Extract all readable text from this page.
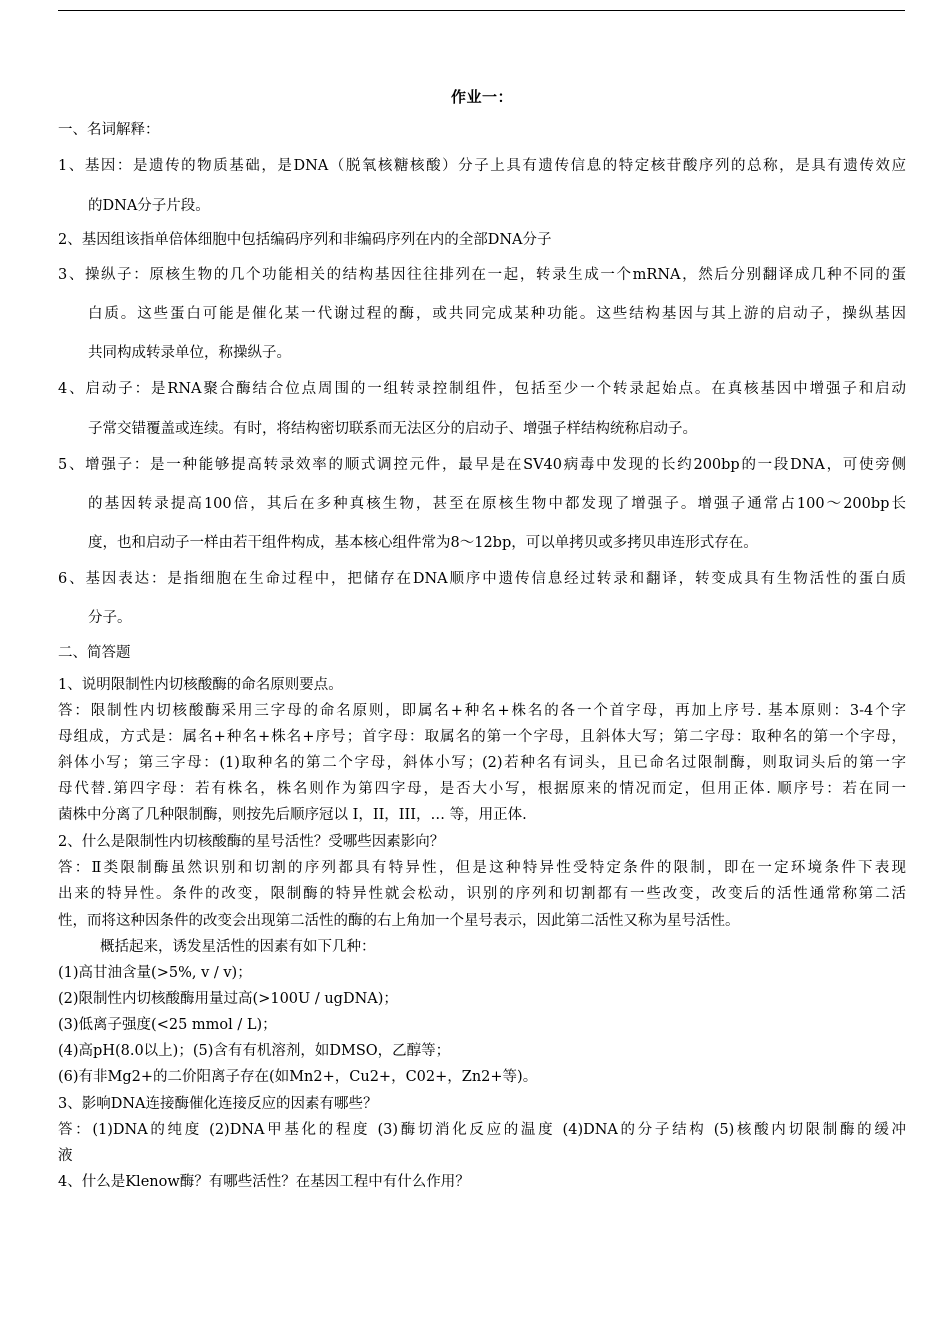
作业一：
一、名词解释：
1、基因：是遗传的物质基础，是DNA（脱氧核糖核酸）分子上具有遗传信息的特定核苷酸序列的总称，是具有遗传效应
的DNA分子片段。
2、基因组该指单倍体细胞中包括编码序列和非编码序列在内的全部DNA分子
3、操纵子：原核生物的几个功能相关的结构基因往往排列在一起，转录生成一个mRNA，然后分别翻译成几种不同的蛋
白质。这些蛋白可能是催化某一代谢过程的酶，或共同完成某种功能。这些结构基因与其上游的启动子，操纵基因
共同构成转录单位，称操纵子。
4、启动子：是RNA聚合酶结合位点周围的一组转录控制组件，包括至少一个转录起始点。在真核基因中增强子和启动
子常交错覆盖或连续。有时，将结构密切联系而无法区分的启动子、增强子样结构统称启动子。
5、增强子：是一种能够提高转录效率的顺式调控元件，最早是在SV40病毒中发现的长约200bp的一段DNA，可使旁侧
的基因转录提高100倍，其后在多种真核生物，甚至在原核生物中都发现了增强子。增强子通常占100～200bp长
度，也和启动子一样由若干组件构成，基本核心组件常为8～12bp，可以单拷贝或多拷贝串连形式存在。
6、基因表达：是指细胞在生命过程中，把储存在DNA顺序中遗传信息经过转录和翻译，转变成具有生物活性的蛋白质
分子。
二、简答题
1、说明限制性内切核酸酶的命名原则要点。
答：限制性内切核酸酶采用三字母的命名原则，即属名+种名+株名的各一个首字母，再加上序号. 基本原则：3-4个字
母组成，方式是：属名+种名+株名+序号；首字母：取属名的第一个字母，且斜体大写；第二字母：取种名的第一个字母，
斜体小写；第三字母：(1)取种名的第二个字母，斜体小写；(2)若种名有词头，且已命名过限制酶，则取词头后的第一字
母代替.第四字母：若有株名，株名则作为第四字母，是否大小写，根据原来的情况而定，但用正体. 顺序号：若在同一
菌株中分离了几种限制酶，则按先后顺序冠以 I，II，III，… 等，用正体.
2、什么是限制性内切核酸酶的星号活性？受哪些因素影向？
答：Ⅱ类限制酶虽然识别和切割的序列都具有特异性，但是这种特异性受特定条件的限制，即在一定环境条件下表现
出来的特异性。条件的改变，限制酶的特异性就会松动，识别的序列和切割都有一些改变，改变后的活性通常称第二活
性，而将这种因条件的改变会出现第二活性的酶的右上角加一个星号表示，因此第二活性又称为星号活性。
概括起来，诱发星活性的因素有如下几种：
(1)高甘油含量(>5%, v / v)；
(2)限制性内切核酸酶用量过高(>100U / ugDNA)；
(3)低离子强度(<25 mmol / L)；
(4)高pH(8.0以上)；(5)含有有机溶剂，如DMSO，乙醇等；
(6)有非Mg2+的二价阳离子存在(如Mn2+，Cu2+，C02+，Zn2+等)。
3、影响DNA连接酶催化连接反应的因素有哪些？
答：(1)DNA的纯度 (2)DNA甲基化的程度 (3)酶切消化反应的温度 (4)DNA的分子结构 (5)核酸内切限制酶的缓冲
液
4、什么是Klenow酶？有哪些活性？在基因工程中有什么作用？
